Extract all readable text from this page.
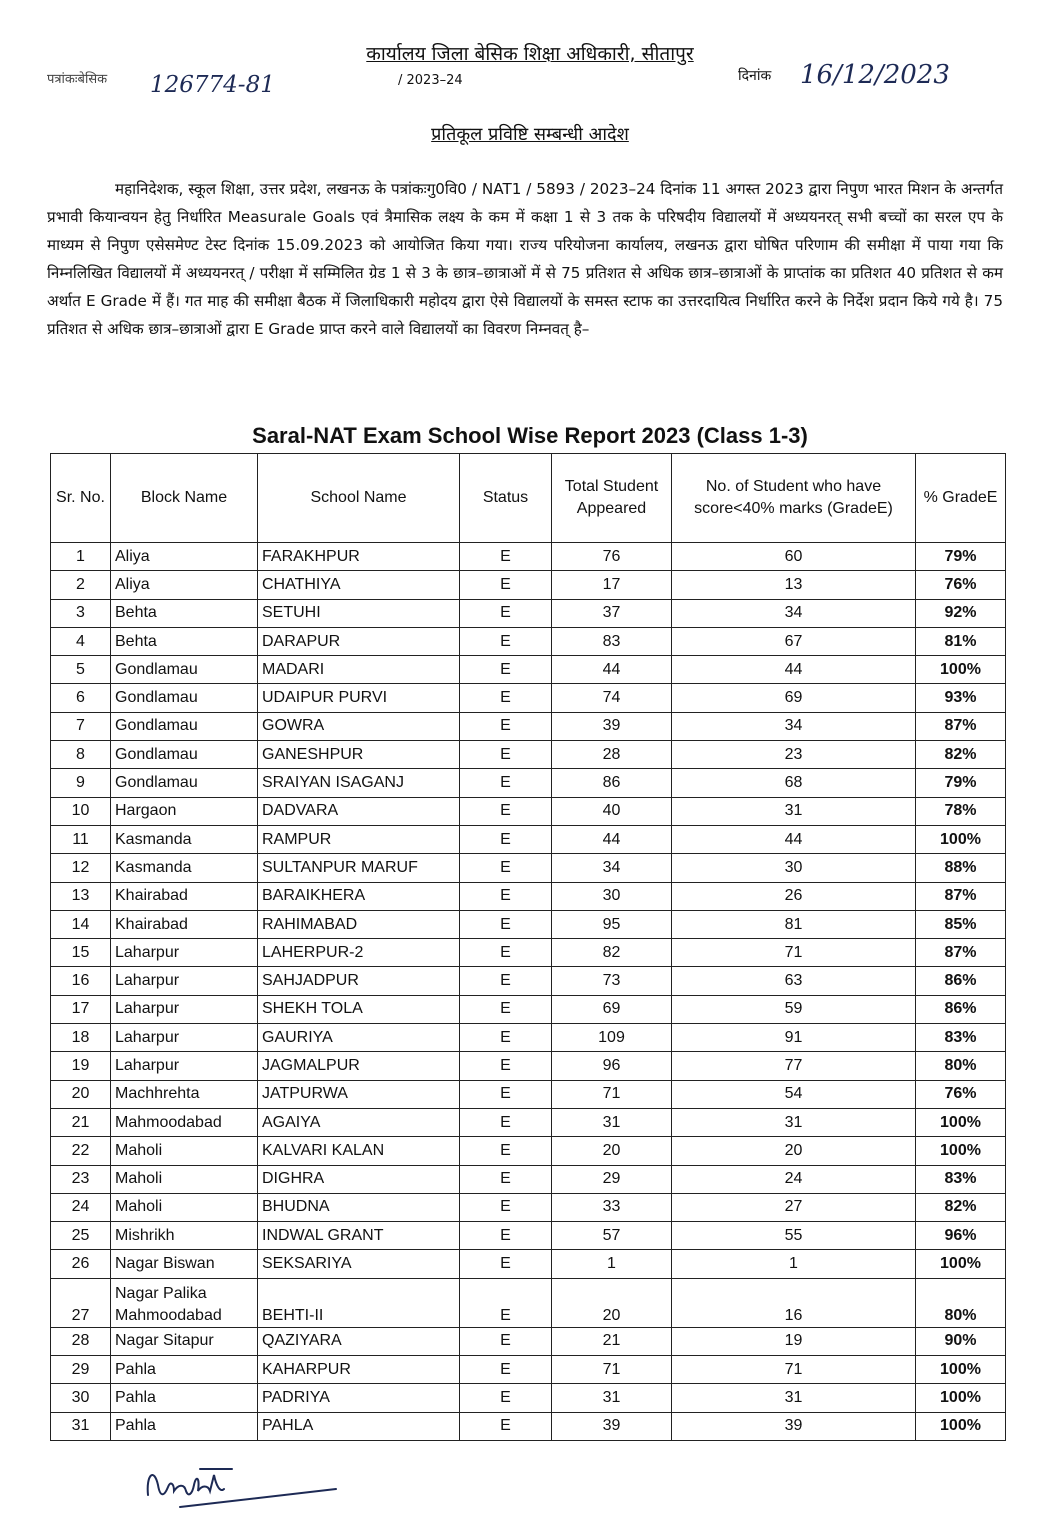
कार्यालय जिला बेसिक शिक्षा अधिकारी, सीतापुर
पत्रांकःबेसिक 126774-81	/ 2023–24	दिनांक 16/12/2023
प्रतिकूल प्रविष्टि सम्बन्धी आदेश
महानिदेशक, स्कूल शिक्षा, उत्तर प्रदेश, लखनऊ के पत्रांकःगु0वि0 / NAT1 / 5893 / 2023–24 दिनांक 11 अगस्त 2023 द्वारा निपुण भारत मिशन के अन्तर्गत प्रभावी कियान्वयन हेतु निर्धारित Measurale Goals एवं त्रैमासिक लक्ष्य के कम में कक्षा 1 से 3 तक के परिषदीय विद्यालयों में अध्ययनरत् सभी बच्चों का सरल एप के माध्यम से निपुण एसेसमेण्ट टेस्ट दिनांक 15.09.2023 को आयोजित किया गया। राज्य परियोजना कार्यालय, लखनऊ द्वारा घोषित परिणाम की समीक्षा में पाया गया कि निम्नलिखित विद्यालयों में अध्ययनरत् / परीक्षा में सम्मिलित ग्रेड 1 से 3 के छात्र–छात्राओं में से 75 प्रतिशत से अधिक छात्र–छात्राओं के प्राप्तांक का प्रतिशत 40 प्रतिशत से कम अर्थात E Grade में हैं। गत माह की समीक्षा बैठक में जिलाधिकारी महोदय द्वारा ऐसे विद्यालयों के समस्त स्टाफ का उत्तरदायित्व निर्धारित करने के निर्देश प्रदान किये गये है। 75 प्रतिशत से अधिक छात्र–छात्राओं द्वारा E Grade प्राप्त करने वाले विद्यालयों का विवरण निम्नवत् है–
Saral-NAT Exam School Wise Report 2023 (Class 1-3)
Sr. No.	Block Name	School Name	Status	Total Student Appeared	No. of Student who have score<40% marks (GradeE)	% GradeE
1	Aliya	FARAKHPUR	E	76	60	79%
2	Aliya	CHATHIYA	E	17	13	76%
3	Behta	SETUHI	E	37	34	92%
4	Behta	DARAPUR	E	83	67	81%
5	Gondlamau	MADARI	E	44	44	100%
6	Gondlamau	UDAIPUR PURVI	E	74	69	93%
7	Gondlamau	GOWRA	E	39	34	87%
8	Gondlamau	GANESHPUR	E	28	23	82%
9	Gondlamau	SRAIYAN ISAGANJ	E	86	68	79%
10	Hargaon	DADVARA	E	40	31	78%
11	Kasmanda	RAMPUR	E	44	44	100%
12	Kasmanda	SULTANPUR MARUF	E	34	30	88%
13	Khairabad	BARAIKHERA	E	30	26	87%
14	Khairabad	RAHIMABAD	E	95	81	85%
15	Laharpur	LAHERPUR-2	E	82	71	87%
16	Laharpur	SAHJADPUR	E	73	63	86%
17	Laharpur	SHEKH TOLA	E	69	59	86%
18	Laharpur	GAURIYA	E	109	91	83%
19	Laharpur	JAGMALPUR	E	96	77	80%
20	Machhrehta	JATPURWA	E	71	54	76%
21	Mahmoodabad	AGAIYA	E	31	31	100%
22	Maholi	KALVARI KALAN	E	20	20	100%
23	Maholi	DIGHRA	E	29	24	83%
24	Maholi	BHUDNA	E	33	27	82%
25	Mishrikh	INDWAL GRANT	E	57	55	96%
26	Nagar Biswan	SEKSARIYA	E	1	1	100%
27	Nagar Palika Mahmoodabad	BEHTI-II	E	20	16	80%
28	Nagar Sitapur	QAZIYARA	E	21	19	90%
29	Pahla	KAHARPUR	E	71	71	100%
30	Pahla	PADRIYA	E	31	31	100%
31	Pahla	PAHLA	E	39	39	100%
